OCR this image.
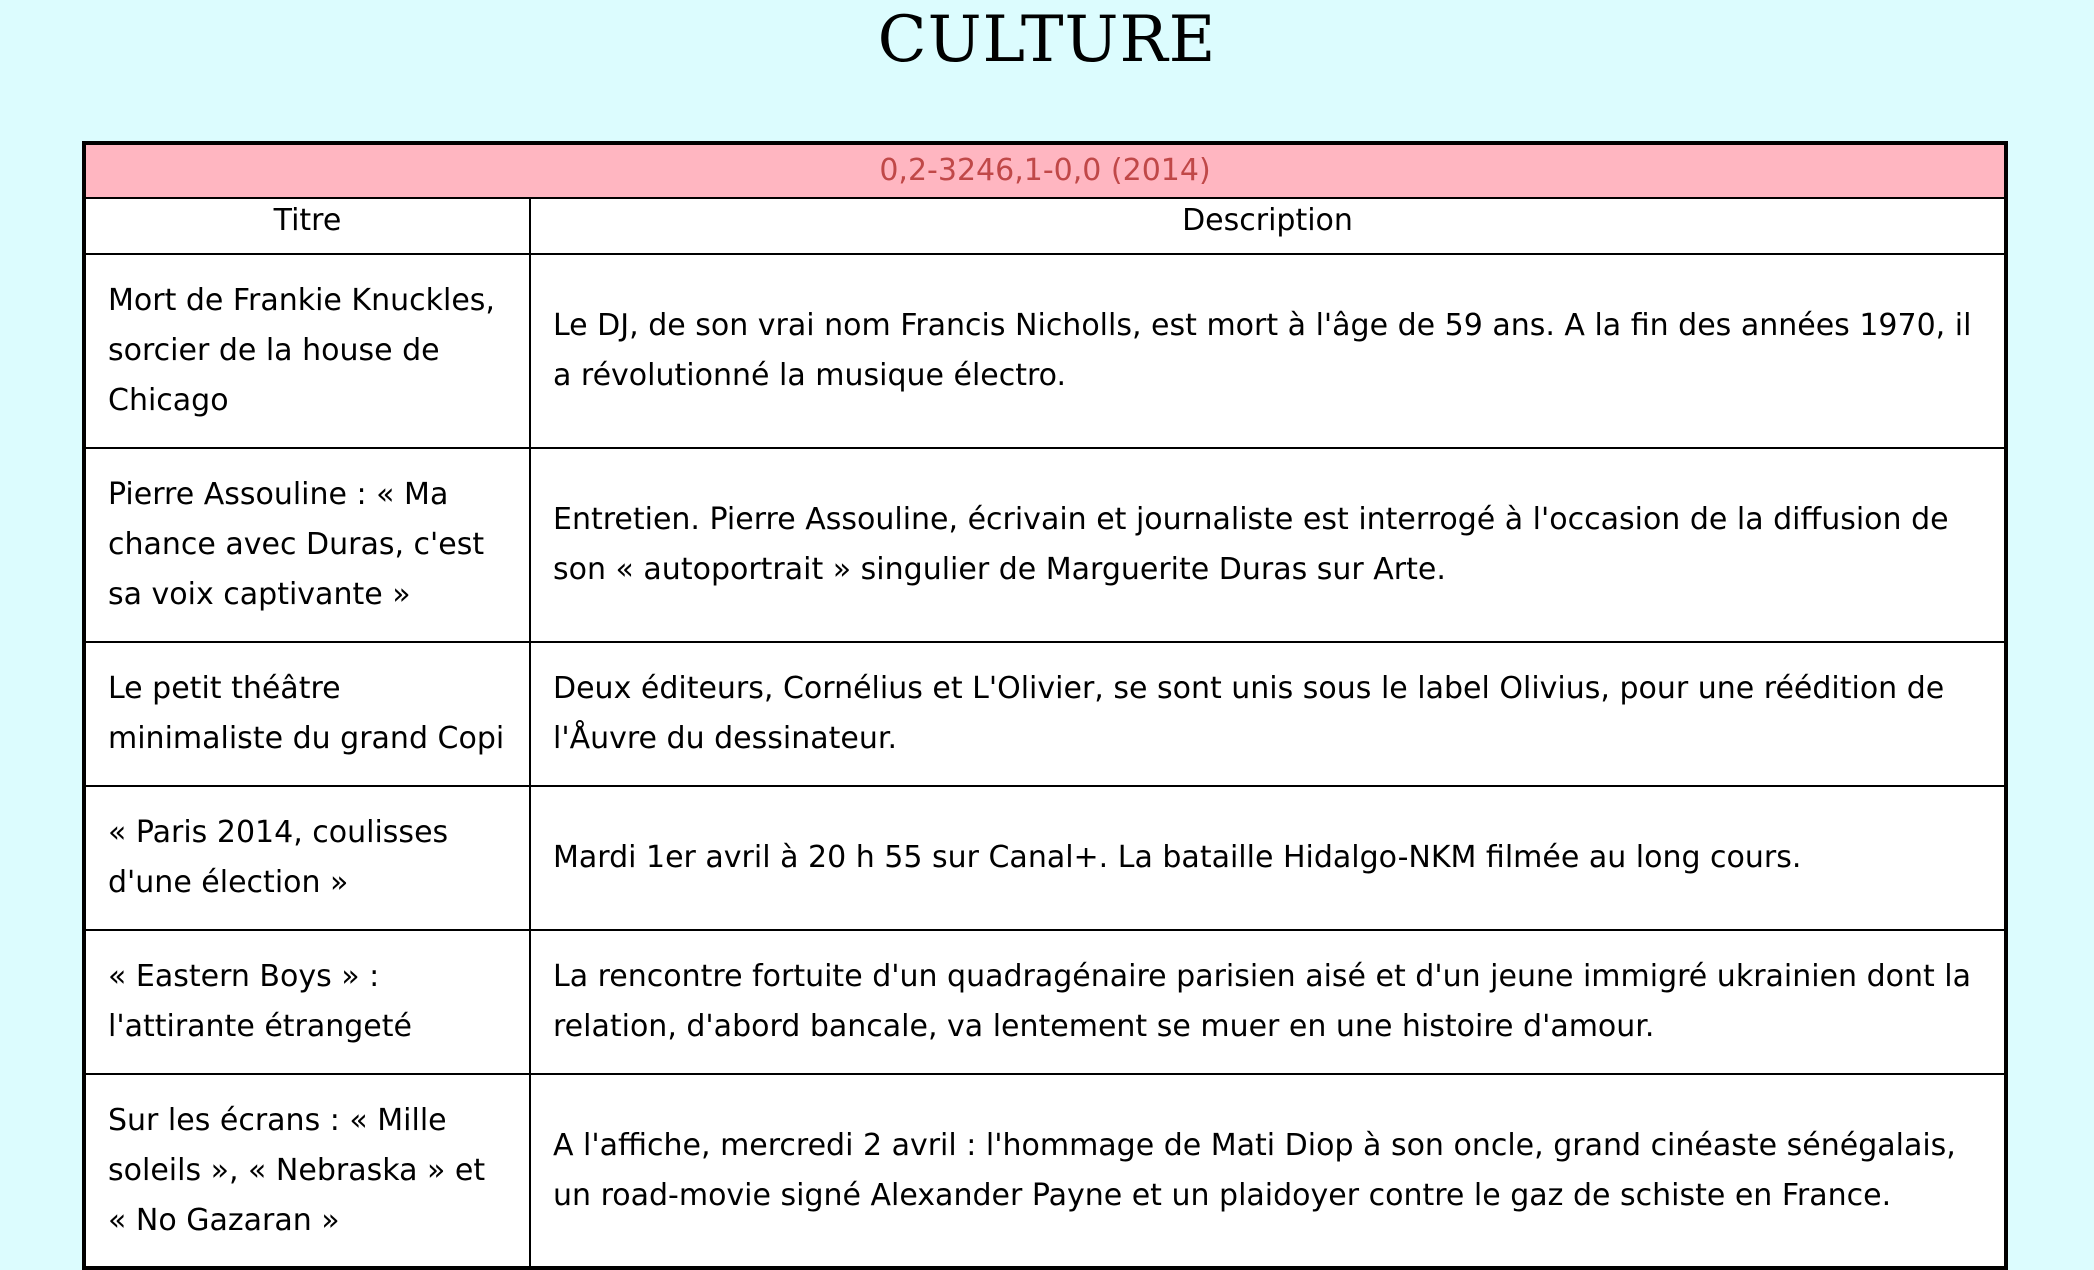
CULTURE
0,2-3246,1-0,0 (2014)	
Titre	Description
Mort de Frankie Knuckles, sorcier de la house de Chicago	Le DJ, de son vrai nom Francis Nicholls, est mort à l'âge de 59 ans. A la fin des années 1970, il a révolutionné la musique électro.
Pierre Assouline : « Ma chance avec Duras, c'est sa voix captivante »	Entretien. Pierre Assouline, écrivain et journaliste est interrogé à l'occasion de la diffusion de son « autoportrait » singulier de Marguerite Duras sur Arte.
Le petit théâtre minimaliste du grand Copi	Deux éditeurs, Cornélius et L'Olivier, se sont unis sous le label Olivius, pour une réédition de l'Åuvre du dessinateur.
« Paris 2014, coulisses d'une élection »	Mardi 1er avril à 20 h 55 sur Canal+. La bataille Hidalgo-NKM filmée au long cours.
« Eastern Boys » : l'attirante étrangeté	La rencontre fortuite d'un quadragénaire parisien aisé et d'un jeune immigré ukrainien dont la relation, d'abord bancale, va lentement se muer en une histoire d'amour.
Sur les écrans : « Mille soleils », « Nebraska » et « No Gazaran »	A l'affiche, mercredi 2 avril : l'hommage de Mati Diop à son oncle, grand cinéaste sénégalais, un road-movie signé Alexander Payne et un plaidoyer contre le gaz de schiste en France.
